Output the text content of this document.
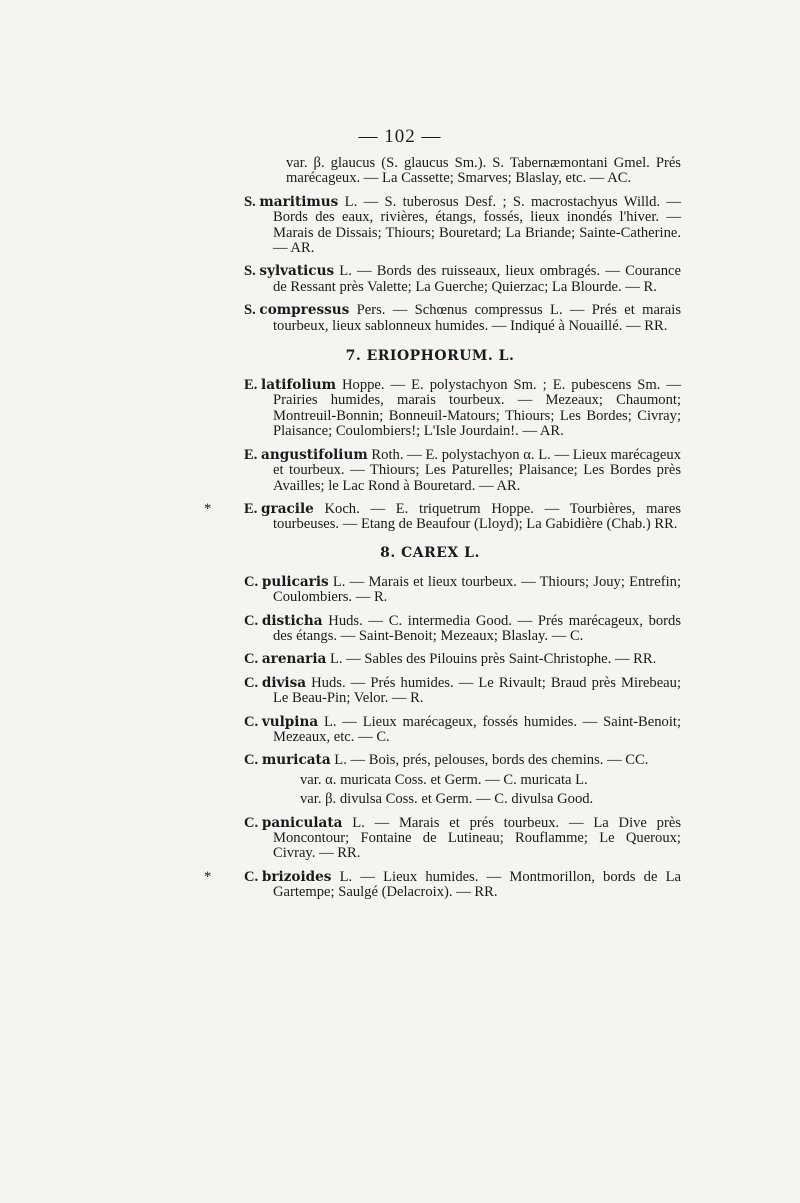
— 102 —

var. β. glaucus (S. glaucus Sm.). S. Tabernæmontani Gmel. Prés marécageux. — La Cassette; Smarves; Blaslay, etc. — AC.

S. maritimus L. — S. tuberosus Desf. ; S. macrostachyus Willd. — Bords des eaux, rivières, étangs, fossés, lieux inondés l'hiver. — Marais de Dissais; Thiours; Bouretard; La Briande; Sainte-Catherine. — AR.

S. sylvaticus L. — Bords des ruisseaux, lieux ombragés. — Courance de Ressant près Valette; La Guerche; Quierzac; La Blourde. — R.

S. compressus Pers. — Schœnus compressus L. — Prés et marais tourbeux, lieux sablonneux humides. — Indiqué à Nouaillé. — RR.

7. ERIOPHORUM. L.

E. latifolium Hoppe. — E. polystachyon Sm. ; E. pubescens Sm. — Prairies humides, marais tourbeux. — Mezeaux; Chaumont; Montreuil-Bonnin; Bonneuil-Matours; Thiours; Les Bordes; Civray; Plaisance; Coulombiers!; L'Isle Jourdain!. — AR.

E. angustifolium Roth. — E. polystachyon α. L. — Lieux marécageux et tourbeux. — Thiours; Les Paturelles; Plaisance; Les Bordes près Availles; le Lac Rond à Bouretard. — AR.

* E. gracile Koch. — E. triquetrum Hoppe. — Tourbières, mares tourbeuses. — Etang de Beaufour (Lloyd); La Gabidière (Chab.) RR.

8. CAREX L.

C. pulicaris L. — Marais et lieux tourbeux. — Thiours; Jouy; Entrefin; Coulombiers. — R.

C. disticha Huds. — C. intermedia Good. — Prés marécageux, bords des étangs. — Saint-Benoit; Mezeaux; Blaslay. — C.

C. arenaria L. — Sables des Pilouins près Saint-Christophe. — RR.

C. divisa Huds. — Prés humides. — Le Rivault; Braud près Mirebeau; Le Beau-Pin; Velor. — R.

C. vulpina L. — Lieux marécageux, fossés humides. — Saint-Benoit; Mezeaux, etc. — C.

C. muricata L. — Bois, prés, pelouses, bords des chemins. — CC.

var. α. muricata Coss. et Germ. — C. muricata L.

var. β. divulsa Coss. et Germ. — C. divulsa Good.

C. paniculata L. — Marais et prés tourbeux. — La Dive près Moncontour; Fontaine de Lutineau; Rouflamme; Le Queroux; Civray. — RR.

* C. brizoides L. — Lieux humides. — Montmorillon, bords de La Gartempe; Saulgé (Delacroix). — RR.
